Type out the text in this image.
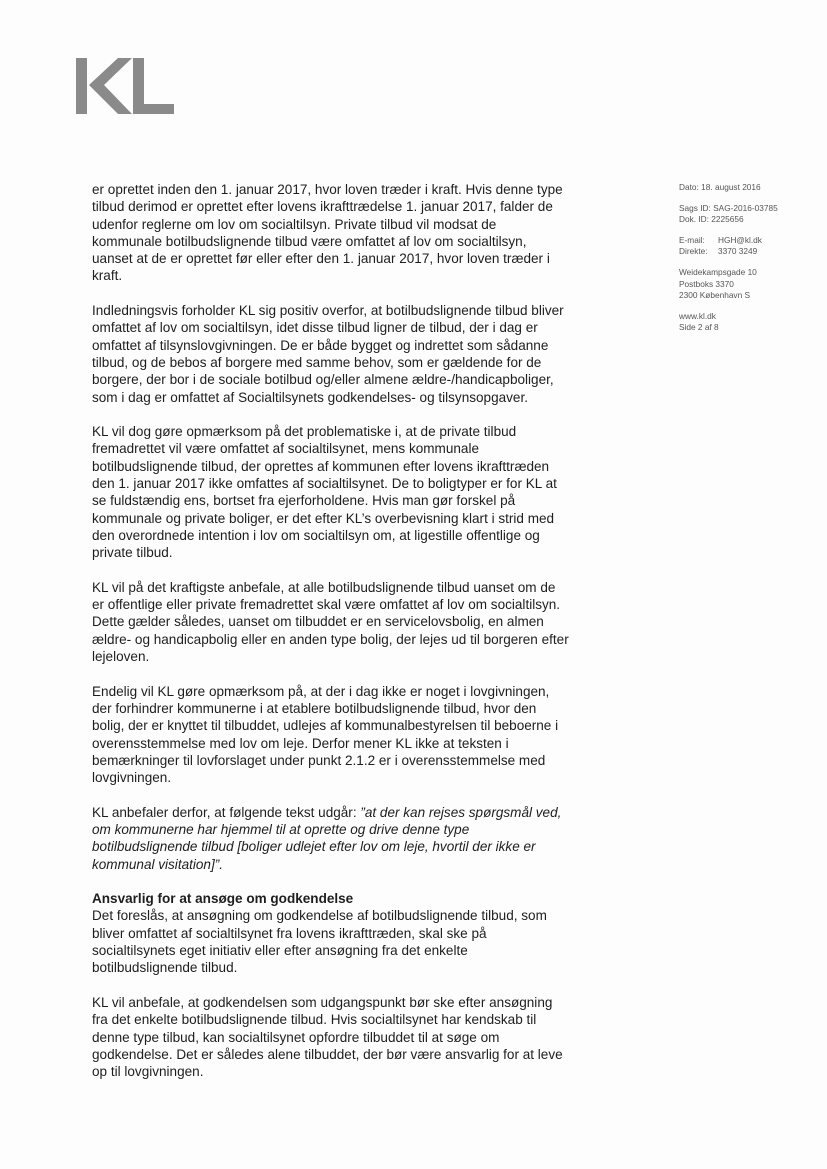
er oprettet inden den 1. januar 2017, hvor loven træder i kraft. Hvis denne type tilbud derimod er oprettet efter lovens ikrafttrædelse 1. januar 2017, falder de udenfor reglerne om lov om socialtilsyn. Private tilbud vil modsat de kommunale botilbudslignende tilbud være omfattet af lov om socialtilsyn, uanset at de er oprettet før eller efter den 1. januar 2017, hvor loven træder i kraft.

Indledningsvis forholder KL sig positiv overfor, at botilbudslignende tilbud bliver omfattet af lov om socialtilsyn, idet disse tilbud ligner de tilbud, der i dag er omfattet af tilsynslovgivningen. De er både bygget og indrettet som sådanne tilbud, og de bebos af borgere med samme behov, som er gældende for de borgere, der bor i de sociale botilbud og/eller almene ældre-/handicapboliger, som i dag er omfattet af Socialtilsynets godkendelses- og tilsynsopgaver.

KL vil dog gøre opmærksom på det problematiske i, at de private tilbud fremadrettet vil være omfattet af socialtilsynet, mens kommunale botilbudslignende tilbud, der oprettes af kommunen efter lovens ikrafttræden den 1. januar 2017 ikke omfattes af socialtilsynet. De to boligtyper er for KL at se fuldstændig ens, bortset fra ejerforholdene. Hvis man gør forskel på kommunale og private boliger, er det efter KL’s overbevisning klart i strid med den overordnede intention i lov om socialtilsyn om, at ligestille offentlige og private tilbud.

KL vil på det kraftigste anbefale, at alle botilbudslignende tilbud uanset om de er offentlige eller private fremadrettet skal være omfattet af lov om socialtilsyn. Dette gælder således, uanset om tilbuddet er en servicelovsbolig, en almen ældre- og handicapbolig eller en anden type bolig, der lejes ud til borgeren efter lejeloven.

Endelig vil KL gøre opmærksom på, at der i dag ikke er noget i lovgivningen, der forhindrer kommunerne i at etablere botilbudslignende tilbud, hvor den bolig, der er knyttet til tilbuddet, udlejes af kommunalbestyrelsen til beboerne i overensstemmelse med lov om leje. Derfor mener KL ikke at teksten i bemærkninger til lovforslaget under punkt 2.1.2 er i overensstemmelse med lovgivningen.

KL anbefaler derfor, at følgende tekst udgår: ”at der kan rejses spørgsmål ved, om kommunerne har hjemmel til at oprette og drive denne type botilbudslignende tilbud [boliger udlejet efter lov om leje, hvortil der ikke er kommunal visitation]”.

Ansvarlig for at ansøge om godkendelse

Det foreslås, at ansøgning om godkendelse af botilbudslignende tilbud, som bliver omfattet af socialtilsynet fra lovens ikrafttræden, skal ske på socialtilsynets eget initiativ eller efter ansøgning fra det enkelte botilbudslignende tilbud.

KL vil anbefale, at godkendelsen som udgangspunkt bør ske efter ansøgning fra det enkelte botilbudslignende tilbud. Hvis socialtilsynet har kendskab til denne type tilbud, kan socialtilsynet opfordre tilbuddet til at søge om godkendelse. Det er således alene tilbuddet, der bør være ansvarlig for at leve op til lovgivningen.

Dato: 18. august 2016
Sags ID: SAG-2016-03785
Dok. ID: 2225656
E-mail:	HGH@kl.dk
Direkte:	3370 3249
Weidekampsgade 10
Postboks 3370
2300 København S
www.kl.dk
Side 2 af 8
